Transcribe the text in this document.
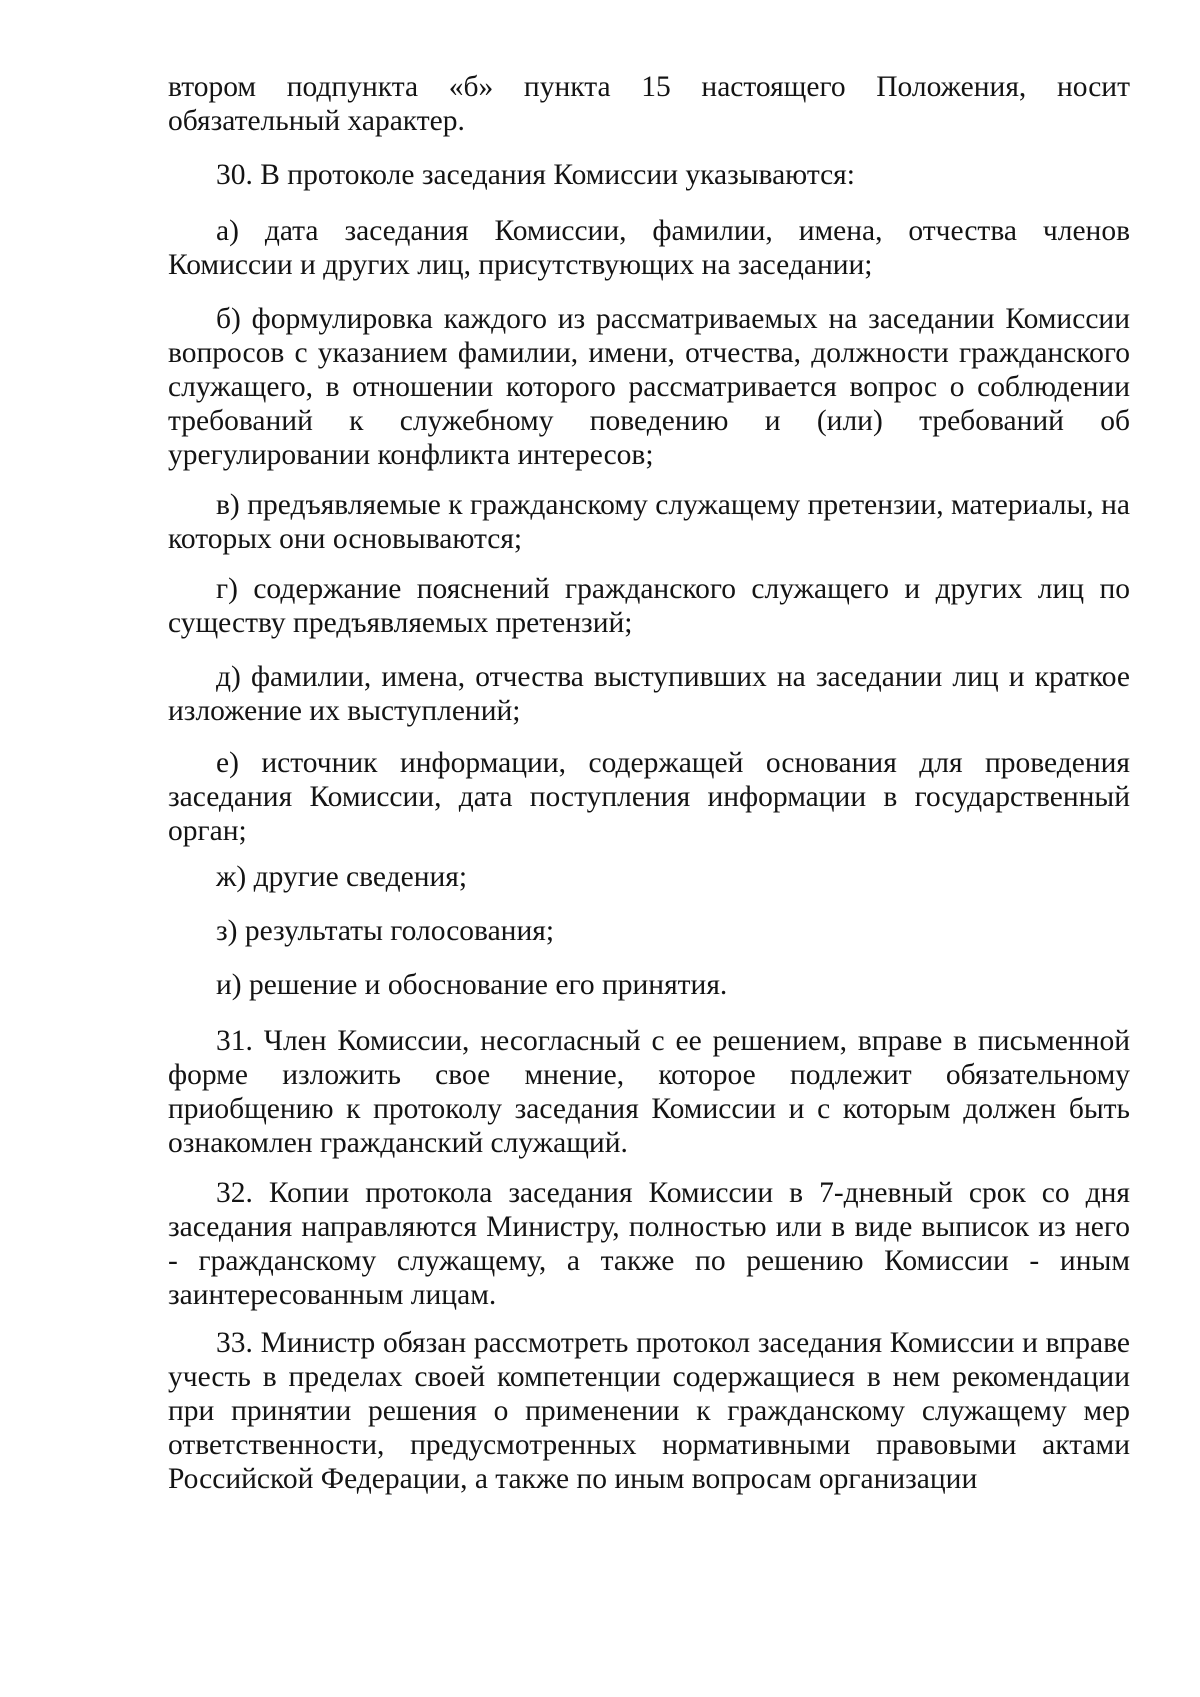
втором подпункта «б» пункта 15 настоящего Положения, носит обязательный характер.

30. В протоколе заседания Комиссии указываются:

а) дата заседания Комиссии, фамилии, имена, отчества членов Комиссии и других лиц, присутствующих на заседании;

б) формулировка каждого из рассматриваемых на заседании Комиссии вопросов с указанием фамилии, имени, отчества, должности гражданского служащего, в отношении которого рассматривается вопрос о соблюдении требований к служебному поведению и (или) требований об урегулировании конфликта интересов;

в) предъявляемые к гражданскому служащему претензии, материалы, на которых они основываются;

г) содержание пояснений гражданского служащего и других лиц по существу предъявляемых претензий;

д) фамилии, имена, отчества выступивших на заседании лиц и краткое изложение их выступлений;

е) источник информации, содержащей основания для проведения заседания Комиссии, дата поступления информации в государственный орган;

ж) другие сведения;

з) результаты голосования;

и) решение и обоснование его принятия.

31. Член Комиссии, несогласный с ее решением, вправе в письменной форме изложить свое мнение, которое подлежит обязательному приобщению к протоколу заседания Комиссии и с которым должен быть ознакомлен гражданский служащий.

32. Копии протокола заседания Комиссии в 7-дневный срок со дня заседания направляются Министру, полностью или в виде выписок из него - гражданскому служащему, а также по решению Комиссии - иным заинтересованным лицам.

33. Министр обязан рассмотреть протокол заседания Комиссии и вправе учесть в пределах своей компетенции содержащиеся в нем рекомендации при принятии решения о применении к гражданскому служащему мер ответственности, предусмотренных нормативными правовыми актами Российской Федерации, а также по иным вопросам организации
